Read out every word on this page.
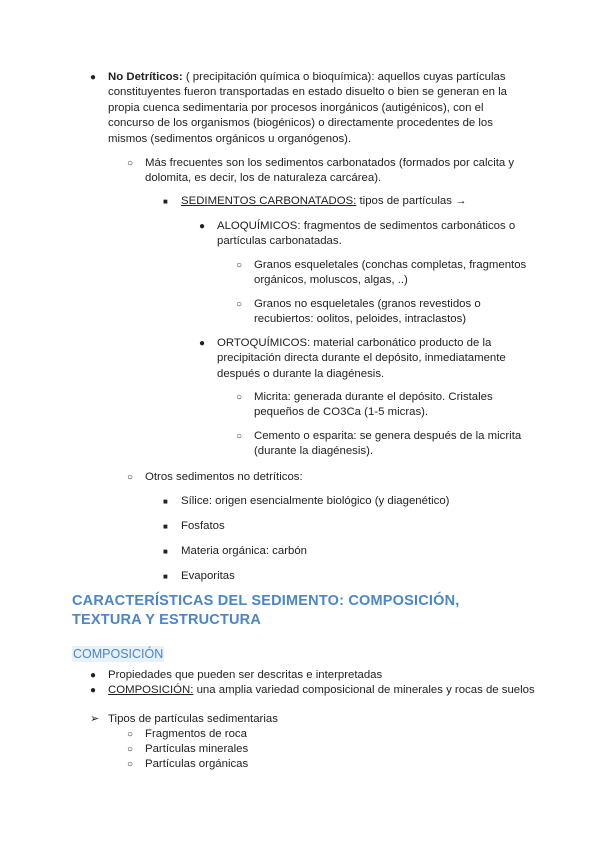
● No Detríticos: ( precipitación química o bioquímica): aquellos cuyas partículas constituyentes fueron transportadas en estado disuelto o bien se generan en la propia cuenca sedimentaria por procesos inorgánicos (autigénicos), con el concurso de los organismos (biogénicos) o directamente procedentes de los mismos (sedimentos orgánicos u organógenos).
○ Más frecuentes son los sedimentos carbonatados (formados por calcita y dolomita, es decir, los de naturaleza carcárea).
■ SEDIMENTOS CARBONATADOS: tipos de partículas →
● ALOQUÍMICOS: fragmentos de sedimentos carbonáticos o partículas carbonatadas.
○ Granos esqueletales (conchas completas, fragmentos orgánicos, moluscos, algas, ..)
○ Granos no esqueletales (granos revestidos o recubiertos: oolitos, peloides, intraclastos)
● ORTOQUÍMICOS: material carbonático producto de la precipitación directa durante el depósito, inmediatamente después o durante la diagénesis.
○ Micrita: generada durante el depósito. Cristales pequeños de CO3Ca (1-5 micras).
○ Cemento o esparita: se genera después de la micrita (durante la diagénesis).
○ Otros sedimentos no detríticos:
■ Sílice: origen esencialmente biológico (y diagenético)
■ Fosfatos
■ Materia orgánica: carbón
■ Evaporitas
CARACTERÍSTICAS DEL SEDIMENTO: COMPOSICIÓN, TEXTURA Y ESTRUCTURA
COMPOSICIÓN
● Propiedades que pueden ser descritas e interpretadas
● COMPOSICIÓN: una amplia variedad composicional de minerales y rocas de suelos
➢ Tipos de partículas sedimentarias
○ Fragmentos de roca
○ Partículas minerales
○ Partículas orgánicas
